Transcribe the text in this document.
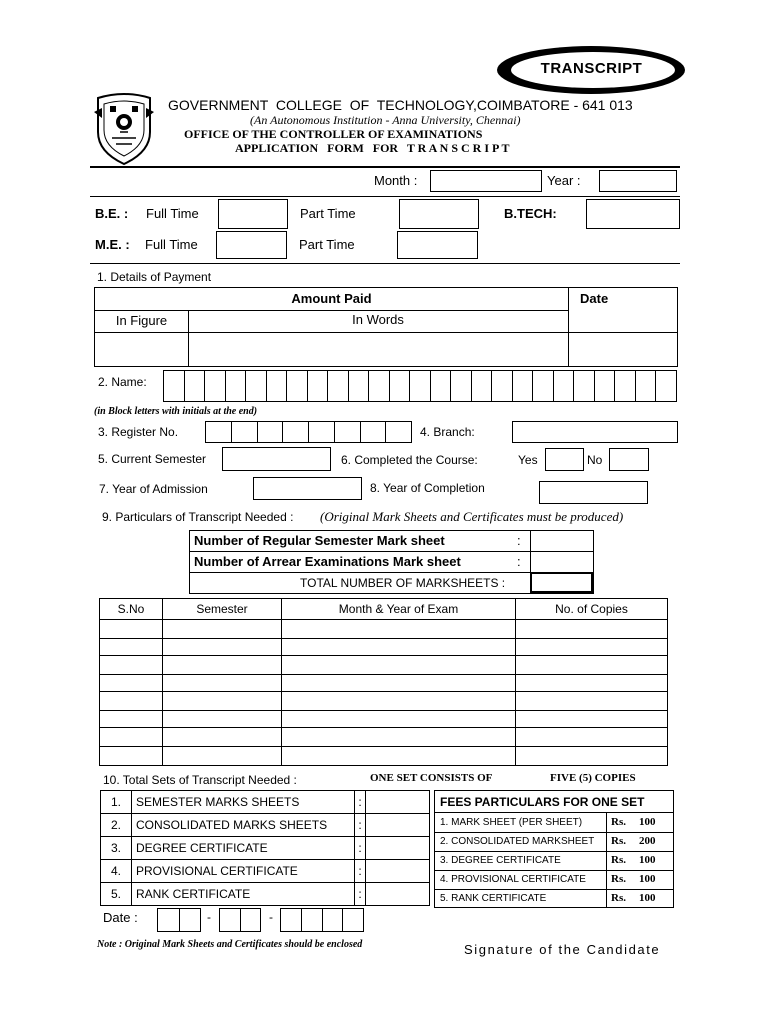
TRANSCRIPT
GOVERNMENT  COLLEGE  OF  TECHNOLOGY,COIMBATORE - 641 013
(An Autonomous Institution - Anna University, Chennai)
OFFICE OF THE CONTROLLER OF EXAMINATIONS
APPLICATION   FORM   FOR   T R A N S C R I P T
Month :	Year :
B.E. : Full Time	Part Time	B.TECH:
M.E. : Full Time	Part Time
1. Details of Payment
Amount Paid	Date
In Figure	In Words
2. Name:
(in Block letters with initials at the end)
3. Register No.	4. Branch:
5. Current Semester	6. Completed the Course:	Yes	No
7. Year of Admission	8. Year of Completion
9. Particulars of Transcript Needed : (Original Mark Sheets and Certificates must be produced)
Number of Regular Semester Mark sheet	:
Number of Arrear Examinations Mark sheet	:
TOTAL NUMBER OF MARKSHEETS :
S.No	Semester	Month & Year of Exam	No. of Copies

10. Total Sets of Transcript Needed :	ONE SET CONSISTS OF	FIVE (5) COPIES
1.	SEMESTER MARKS SHEETS	:	
2.	CONSOLIDATED MARKS SHEETS	:	
3.	DEGREE CERTIFICATE	:	
4.	PROVISIONAL CERTIFICATE	:	
5.	RANK CERTIFICATE	:	
FEES PARTICULARS FOR ONE SET
1. MARK SHEET (PER SHEET)	Rs. 100
2. CONSOLIDATED MARKSHEET Rs. 200
3. DEGREE CERTIFICATE	Rs. 100
4. PROVISIONAL CERTIFICATE Rs. 100
5. RANK CERTIFICATE	Rs. 100
Date :	-	-
Note : Original Mark Sheets and Certificates should be enclosed	Signature of the Candidate
